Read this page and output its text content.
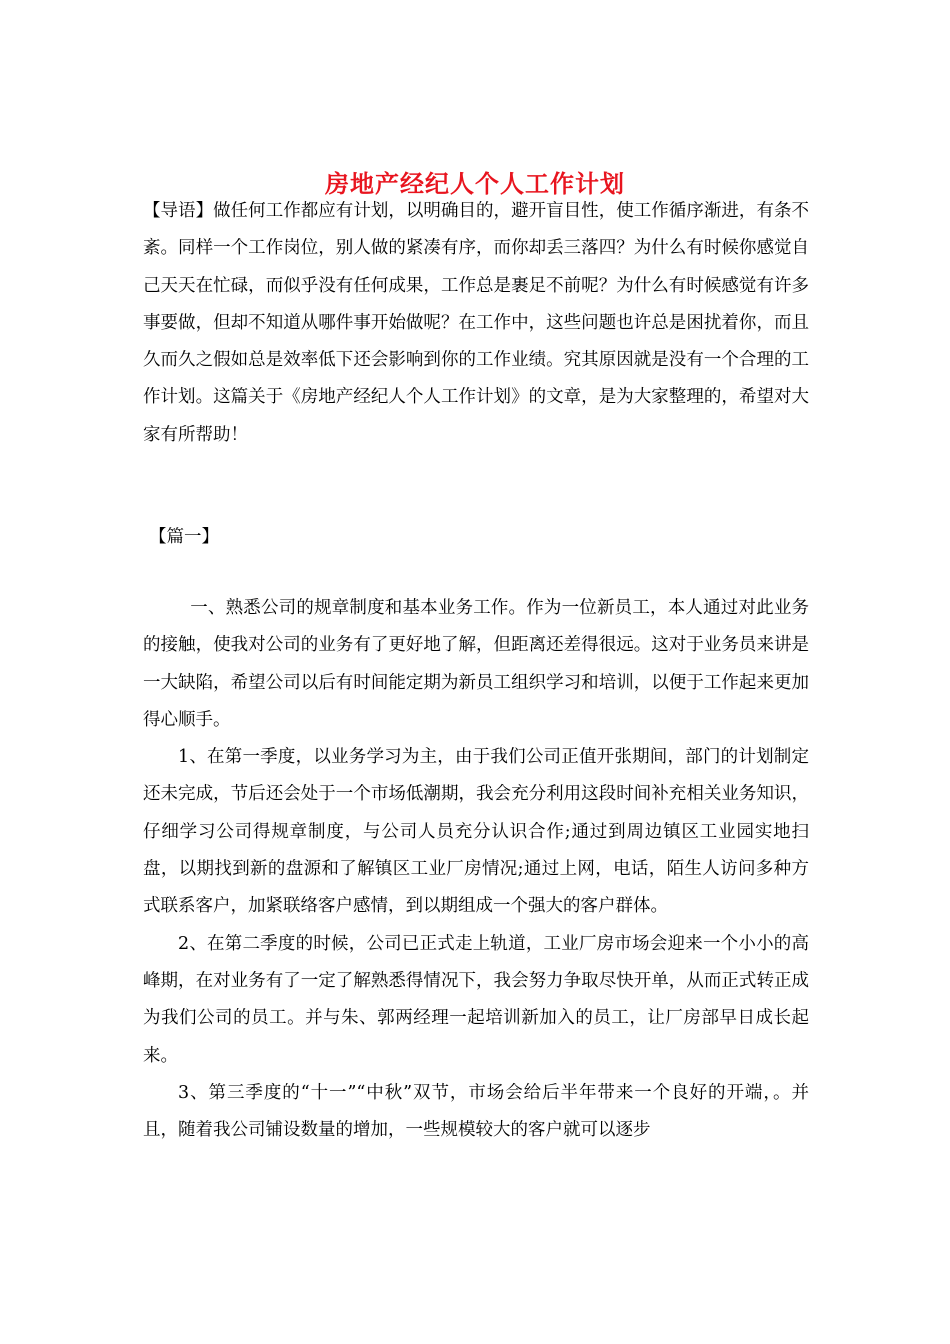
房地产经纪人个人工作计划

【导语】做任何工作都应有计划，以明确目的，避开盲目性，使工作循序渐进，有条不紊。同样一个工作岗位，别人做的紧凑有序，而你却丢三落四？为什么有时候你感觉自己天天在忙碌，而似乎没有任何成果，工作总是裹足不前呢？为什么有时候感觉有许多事要做，但却不知道从哪件事开始做呢？在工作中，这些问题也许总是困扰着你，而且久而久之假如总是效率低下还会影响到你的工作业绩。究其原因就是没有一个合理的工作计划。这篇关于《房地产经纪人个人工作计划》的文章，是为大家整理的，希望对大家有所帮助！

【篇一】

一、熟悉公司的规章制度和基本业务工作。作为一位新员工，本人通过对此业务的接触，使我对公司的业务有了更好地了解，但距离还差得很远。这对于业务员来讲是一大缺陷，希望公司以后有时间能定期为新员工组织学习和培训，以便于工作起来更加得心顺手。

1、在第一季度，以业务学习为主，由于我们公司正值开张期间，部门的计划制定还未完成，节后还会处于一个市场低潮期，我会充分利用这段时间补充相关业务知识，仔细学习公司得规章制度，与公司人员充分认识合作;通过到周边镇区工业园实地扫盘，以期找到新的盘源和了解镇区工业厂房情况;通过上网，电话，陌生人访问多种方式联系客户，加紧联络客户感情，到以期组成一个强大的客户群体。

2、在第二季度的时候，公司已正式走上轨道，工业厂房市场会迎来一个小小的高峰期，在对业务有了一定了解熟悉得情况下，我会努力争取尽快开单，从而正式转正成为我们公司的员工。并与朱、郭两经理一起培训新加入的员工，让厂房部早日成长起来。

3、第三季度的“十一”“中秋”双节，市场会给后半年带来一个良好的开端，。并且，随着我公司铺设数量的增加，一些规模较大的客户就可以逐步
